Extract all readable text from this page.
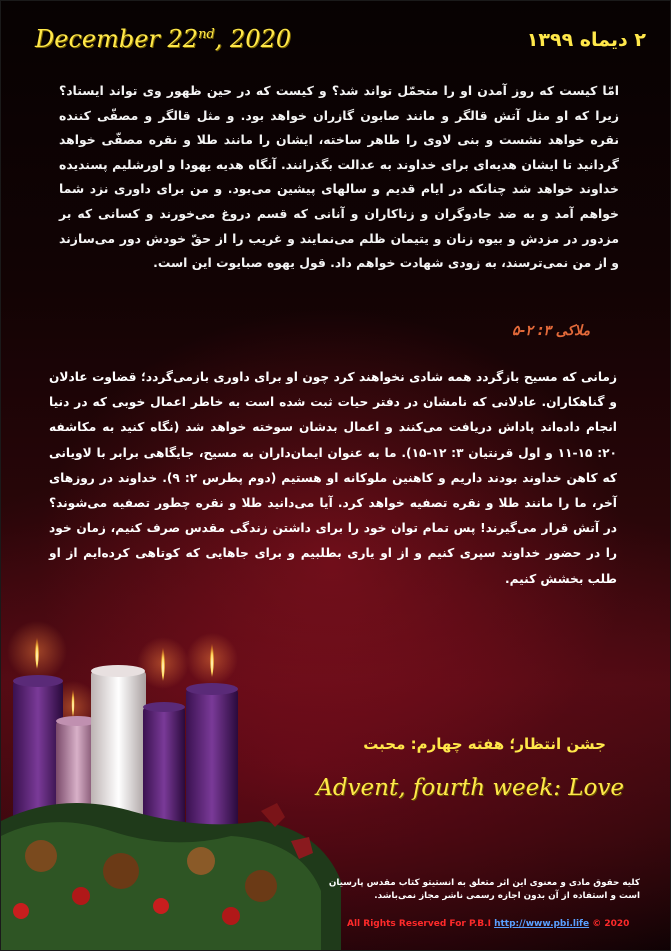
December 22nd, 2020	۲ دیماه ۱۳۹۹
امّا کیست که روز آمدن او را متحمّل تواند شد؟ و کیست که در حین ظهور وی تواند ایستاد؟ زیرا که او مثل آتش قالگر و مانند صابون گازران خواهد بود. و مثل قالگر و مصفّی کننده نقره خواهد نشست و بنی لاوی را طاهر ساخته، ایشان را مانند طلا و نقره مصفّی خواهد گردانید تا ایشان هدیه‌ای برای خداوند به عدالت بگذرانند. آنگاه هدیه یهودا و اورشلیم پسندیده خداوند خواهد شد چنانکه در ایام قدیم و سالهای پیشین می‌بود. و من برای داوری نزد شما خواهم آمد و به ضد جادوگران و زناکاران و آنانی که قسم دروغ می‌خورند و کسانی که بر مزدور در مزدش و بیوه زنان و یتیمان ظلم می‌نمایند و غریب را از حقّ خودش دور می‌سازند و از من نمی‌ترسند، به زودی شهادت خواهم داد. قول یهوه صبایوت این است.
ملاکی ۳: ۲-۵
زمانی که مسیح بازگردد همه شادی نخواهند کرد چون او برای داوری بازمی‌گردد؛ قضاوت عادلان و گناهکاران. عادلانی که نامشان در دفتر حیات ثبت شده است به خاطر اعمال خوبی که در دنیا انجام داده‌اند پاداش دریافت می‌کنند و اعمال بدشان سوخته خواهد شد (نگاه کنید به مکاشفه ۲۰: ۱۵-۱۱ و اول قرنتیان ۳: ۱۲-۱۵). ما به عنوان ایمان‌داران به مسیح، جایگاهی برابر با لاویانی که کاهن خداوند بودند داریم و کاهنین ملوکانه او هستیم (دوم پطرس ۲: ۹). خداوند در روزهای آخر، ما را مانند طلا و نقره تصفیه خواهد کرد. آیا می‌دانید طلا و نقره چطور تصفیه می‌شوند؟ در آتش قرار می‌گیرند! پس تمام توان خود را برای داشتن زندگی مقدس صرف کنیم، زمان خود را در حضور خداوند سپری کنیم و از او یاری بطلبیم و برای جاهایی که کوتاهی کرده‌ایم از او طلب بخشش کنیم.
جشن انتظار؛ هفته چهارم: محبت
Advent, fourth week: Love
کلیه حقوق مادی و معنوی این اثر متعلق به انستیتو کتاب مقدس پارسیان است و استفاده از آن بدون اجازه رسمی ناشر مجاز نمی‌باشد.
All Rights Reserved For P.B.I http://www.pbi.life © 2020
